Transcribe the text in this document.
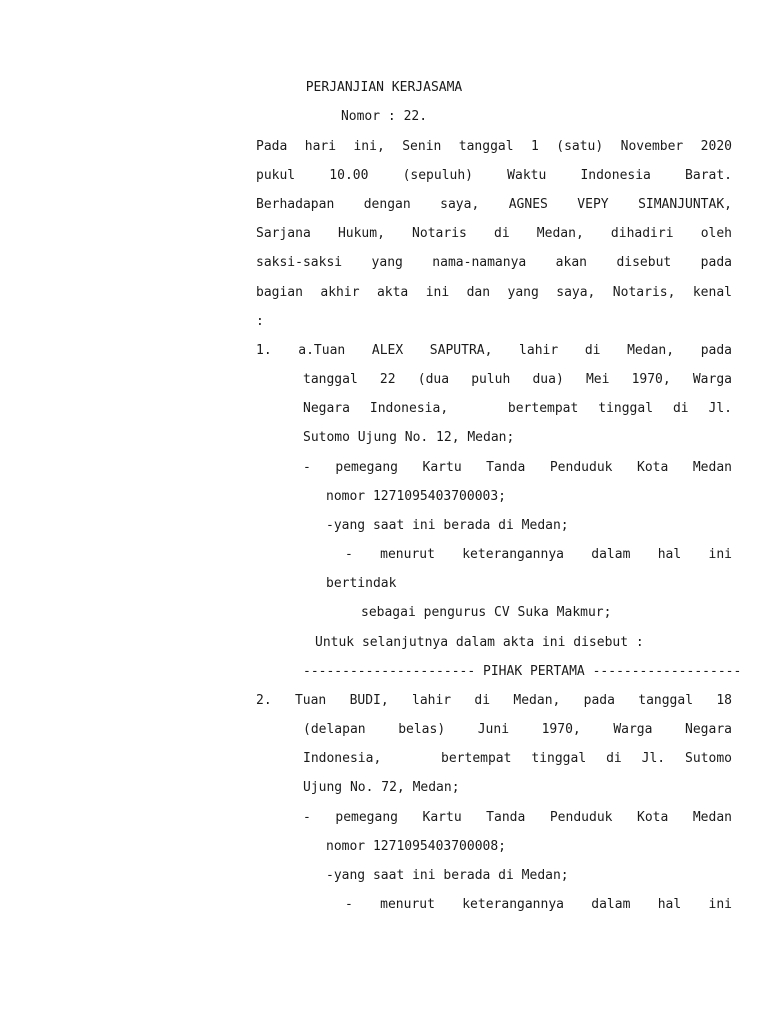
PERJANJIAN KERJASAMA
Nomor : 22.
Pada hari ini, Senin tanggal 1 (satu) November 2020
pukul 10.00 (sepuluh) Waktu Indonesia Barat.
Berhadapan dengan saya, AGNES VEPY SIMANJUNTAK,
Sarjana Hukum, Notaris di Medan, dihadiri oleh
saksi-saksi yang nama-namanya akan disebut pada
bagian akhir akta ini dan yang saya, Notaris, kenal
:
1. a.Tuan ALEX SAPUTRA, lahir di Medan, pada
tanggal 22 (dua puluh dua) Mei 1970, Warga
Negara Indonesia,   bertempat tinggal di Jl.
Sutomo Ujung No. 12, Medan;
- pemegang Kartu Tanda Penduduk Kota Medan
nomor 1271095403700003;
-yang saat ini berada di Medan;
- menurut keterangannya dalam hal ini
bertindak
sebagai pengurus CV Suka Makmur;
Untuk selanjutnya dalam akta ini disebut :
---------------------- PIHAK PERTAMA -------------------
2. Tuan BUDI, lahir di Medan, pada tanggal 18
(delapan belas) Juni 1970, Warga Negara
Indonesia,   bertempat tinggal di Jl. Sutomo
Ujung No. 72, Medan;
- pemegang Kartu Tanda Penduduk Kota Medan
nomor 1271095403700008;
-yang saat ini berada di Medan;
- menurut keterangannya dalam hal ini
